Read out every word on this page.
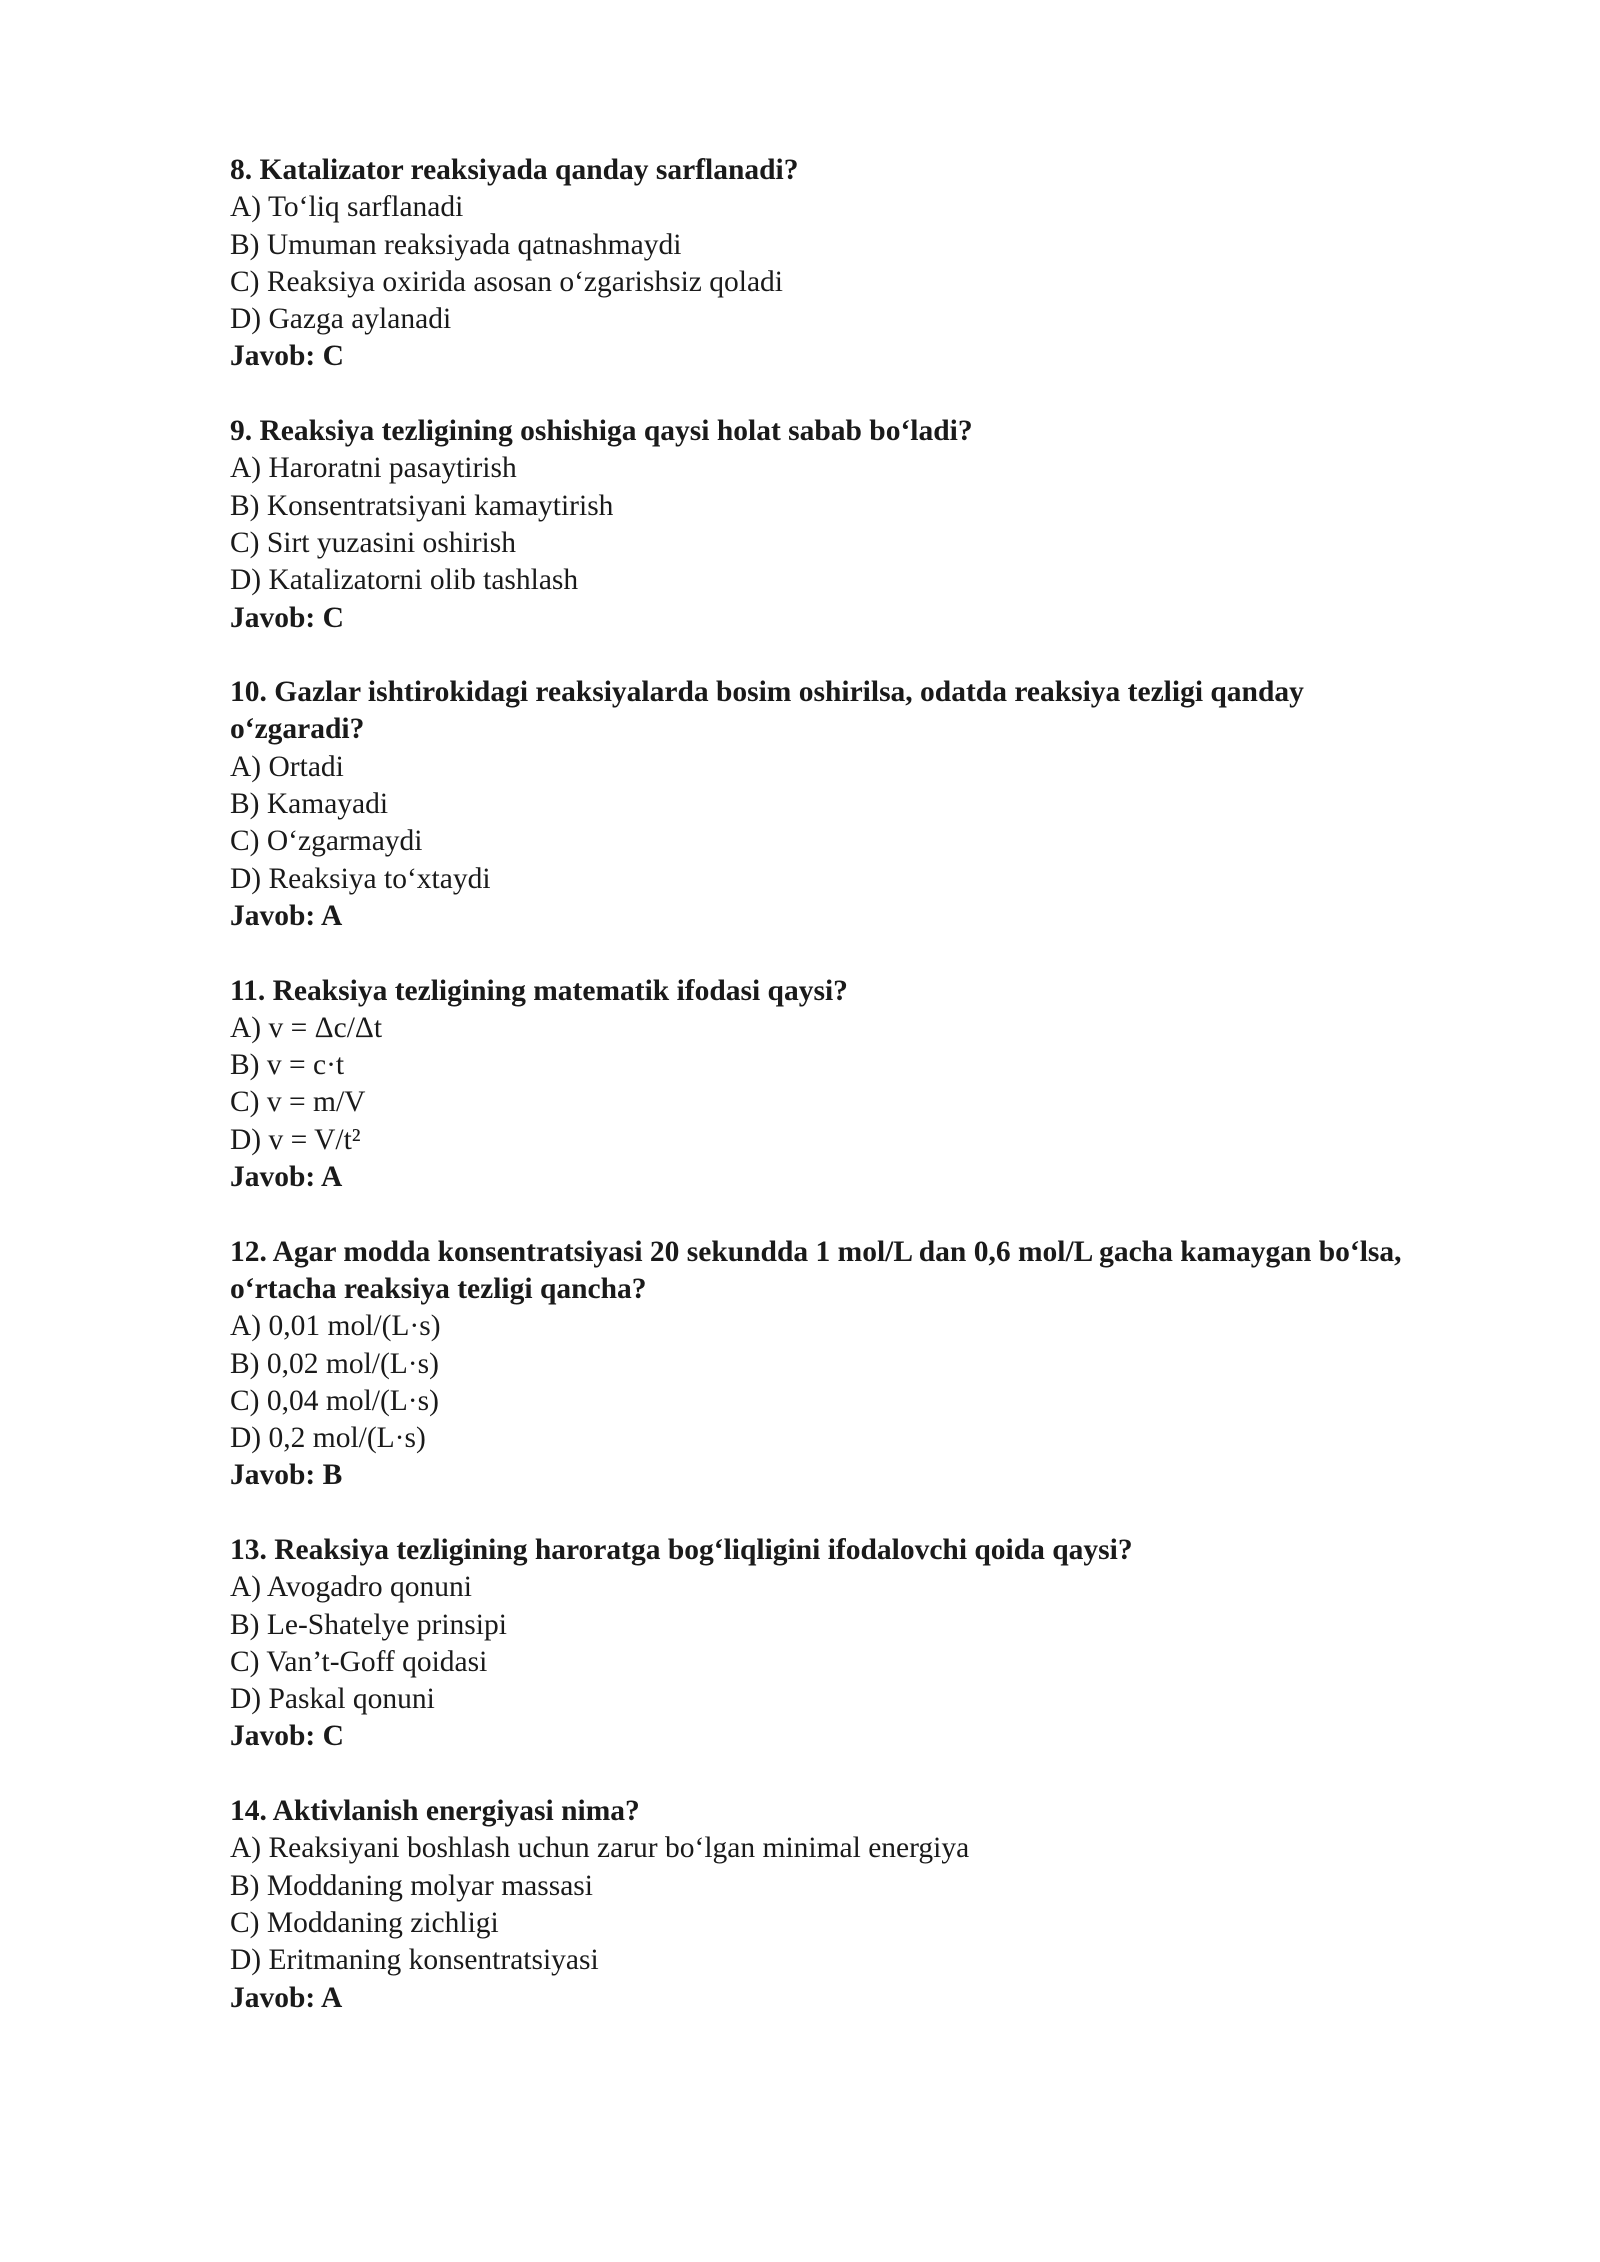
8. Katalizator reaksiyada qanday sarflanadi?
A) To‘liq sarflanadi
B) Umuman reaksiyada qatnashmaydi
C) Reaksiya oxirida asosan o‘zgarishsiz qoladi
D) Gazga aylanadi
Javob: C
9. Reaksiya tezligining oshishiga qaysi holat sabab bo‘ladi?
A) Haroratni pasaytirish
B) Konsentratsiyani kamaytirish
C) Sirt yuzasini oshirish
D) Katalizatorni olib tashlash
Javob: C
10. Gazlar ishtirokidagi reaksiyalarda bosim oshirilsa, odatda reaksiya tezligi qanday o‘zgaradi?
A) Ortadi
B) Kamayadi
C) O‘zgarmaydi
D) Reaksiya to‘xtaydi
Javob: A
11. Reaksiya tezligining matematik ifodasi qaysi?
A) v = Δc/Δt
B) v = c·t
C) v = m/V
D) v = V/t²
Javob: A
12. Agar modda konsentratsiyasi 20 sekundda 1 mol/L dan 0,6 mol/L gacha kamaygan bo‘lsa, o‘rtacha reaksiya tezligi qancha?
A) 0,01 mol/(L·s)
B) 0,02 mol/(L·s)
C) 0,04 mol/(L·s)
D) 0,2 mol/(L·s)
Javob: B
13. Reaksiya tezligining haroratga bog‘liqligini ifodalovchi qoida qaysi?
A) Avogadro qonuni
B) Le-Shatelye prinsipi
C) Van’t-Goff qoidasi
D) Paskal qonuni
Javob: C
14. Aktivlanish energiyasi nima?
A) Reaksiyani boshlash uchun zarur bo‘lgan minimal energiya
B) Moddaning molyar massasi
C) Moddaning zichligi
D) Eritmaning konsentratsiyasi
Javob: A
